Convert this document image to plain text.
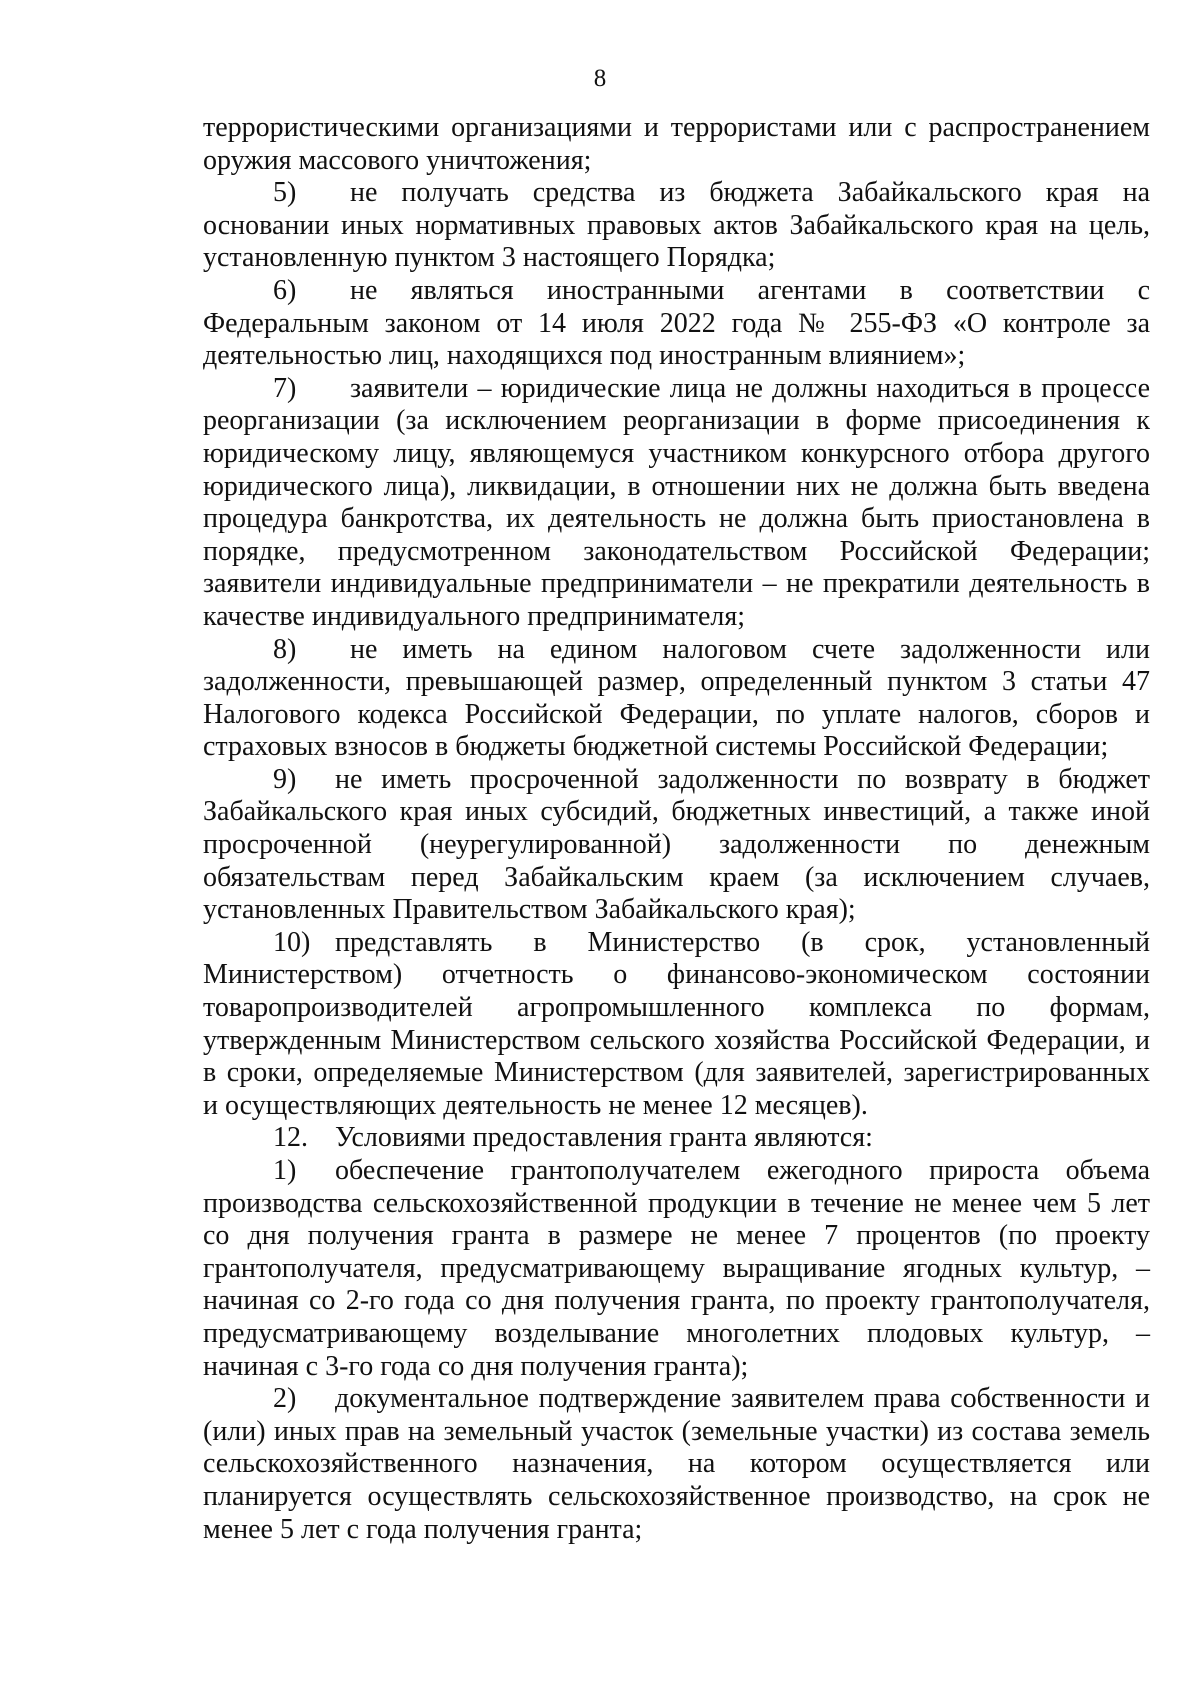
8

террористическими организациями и террористами или с распространением оружия массового уничтожения;

5) не получать средства из бюджета Забайкальского края на основании иных нормативных правовых актов Забайкальского края на цель, установленную пунктом 3 настоящего Порядка;

6) не являться иностранными агентами в соответствии с Федеральным законом от 14 июля 2022 года № 255-ФЗ «О контроле за деятельностью лиц, находящихся под иностранным влиянием»;

7) заявители – юридические лица не должны находиться в процессе реорганизации (за исключением реорганизации в форме присоединения к юридическому лицу, являющемуся участником конкурсного отбора другого юридического лица), ликвидации, в отношении них не должна быть введена процедура банкротства, их деятельность не должна быть приостановлена в порядке, предусмотренном законодательством Российской Федерации; заявители индивидуальные предприниматели – не прекратили деятельность в качестве индивидуального предпринимателя;

8) не иметь на едином налоговом счете задолженности или задолженности, превышающей размер, определенный пунктом 3 статьи 47 Налогового кодекса Российской Федерации, по уплате налогов, сборов и страховых взносов в бюджеты бюджетной системы Российской Федерации;

9) не иметь просроченной задолженности по возврату в бюджет Забайкальского края иных субсидий, бюджетных инвестиций, а также иной просроченной (неурегулированной) задолженности по денежным обязательствам перед Забайкальским краем (за исключением случаев, установленных Правительством Забайкальского края);

10) представлять в Министерство (в срок, установленный Министерством) отчетность о финансово-экономическом состоянии товаропроизводителей агропромышленного комплекса по формам, утвержденным Министерством сельского хозяйства Российской Федерации, и в сроки, определяемые Министерством (для заявителей, зарегистрированных и осуществляющих деятельность не менее 12 месяцев).

12. Условиями предоставления гранта являются:

1) обеспечение грантополучателем ежегодного прироста объема производства сельскохозяйственной продукции в течение не менее чем 5 лет со дня получения гранта в размере не менее 7 процентов (по проекту грантополучателя, предусматривающему выращивание ягодных культур, – начиная со 2-го года со дня получения гранта, по проекту грантополучателя, предусматривающему возделывание многолетних плодовых культур, – начиная с 3-го года со дня получения гранта);

2) документальное подтверждение заявителем права собственности и (или) иных прав на земельный участок (земельные участки) из состава земель сельскохозяйственного назначения, на котором осуществляется или планируется осуществлять сельскохозяйственное производство, на срок не менее 5 лет с года получения гранта;
